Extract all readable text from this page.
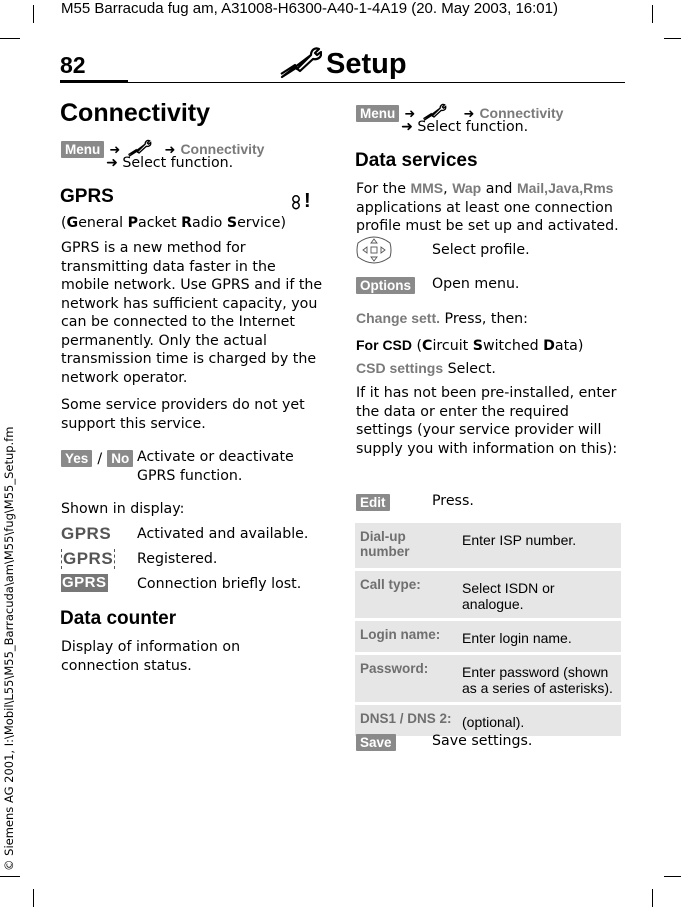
M55 Barracuda fug am, A31008-H6300-A40-1-4A19 (20. May 2003, 16:01)
© Siemens AG 2001, I:\Mobil\L55\M55_Barracuda\am\M55\fug\M55_Setup.fm
82	Setup
Connectivity
Menu ➜	➜ Connectivity
➜ Select function.
GPRS	!
(General Packet Radio Service)
GPRS is a new method for transmitting data faster in the mobile network. Use GPRS and if the network has sufficient capacity, you can be connected to the Internet permanently. Only the actual transmission time is charged by the network operator.
Some service providers do not yet support this service.
Yes / No Activate or deactivate GPRS function.
Shown in display:
GPRS Activated and available.
GPRS Registered.
GPRS Connection briefly lost.
Data counter
Display of information on connection status.
Menu ➜	➜ Connectivity
➜ Select function.
Data services
For the MMS, Wap and Mail,Java,Rms applications at least one connection profile must be set up and activated.
Select profile.
Options Open menu.
Change sett. Press, then:
For CSD (Circuit Switched Data)
CSD settings Select.
If it has not been pre-installed, enter the data or enter the required settings (your service provider will supply you with information on this):
Edit	Press.
Dial-up number	Enter ISP number.
Call type:	Select ISDN or analogue.
Login name:	Enter login name.
Password:	Enter password (shown as a series of asterisks).
DNS1 / DNS 2:	(optional).
Save	Save settings.
